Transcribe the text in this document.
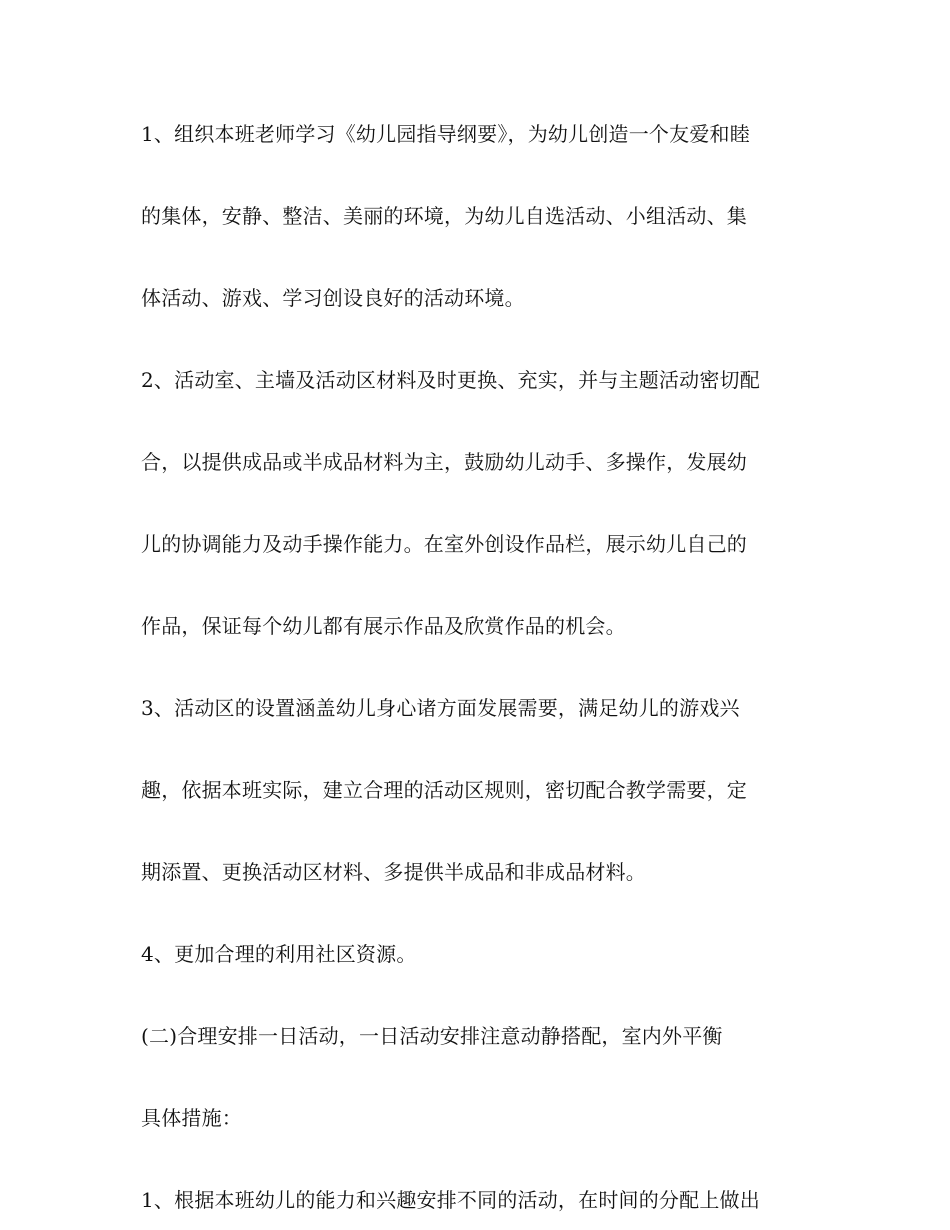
1、组织本班老师学习《幼儿园指导纲要》，为幼儿创造一个友爱和睦
的集体，安静、整洁、美丽的环境，为幼儿自选活动、小组活动、集
体活动、游戏、学习创设良好的活动环境。
2、活动室、主墙及活动区材料及时更换、充实，并与主题活动密切配
合，以提供成品或半成品材料为主，鼓励幼儿动手、多操作，发展幼
儿的协调能力及动手操作能力。在室外创设作品栏，展示幼儿自己的
作品，保证每个幼儿都有展示作品及欣赏作品的机会。
3、活动区的设置涵盖幼儿身心诸方面发展需要，满足幼儿的游戏兴
趣，依据本班实际，建立合理的活动区规则，密切配合教学需要，定
期添置、更换活动区材料、多提供半成品和非成品材料。
4、更加合理的利用社区资源。
(二)合理安排一日活动，一日活动安排注意动静搭配，室内外平衡
具体措施：
1、根据本班幼儿的能力和兴趣安排不同的活动，在时间的分配上做出
